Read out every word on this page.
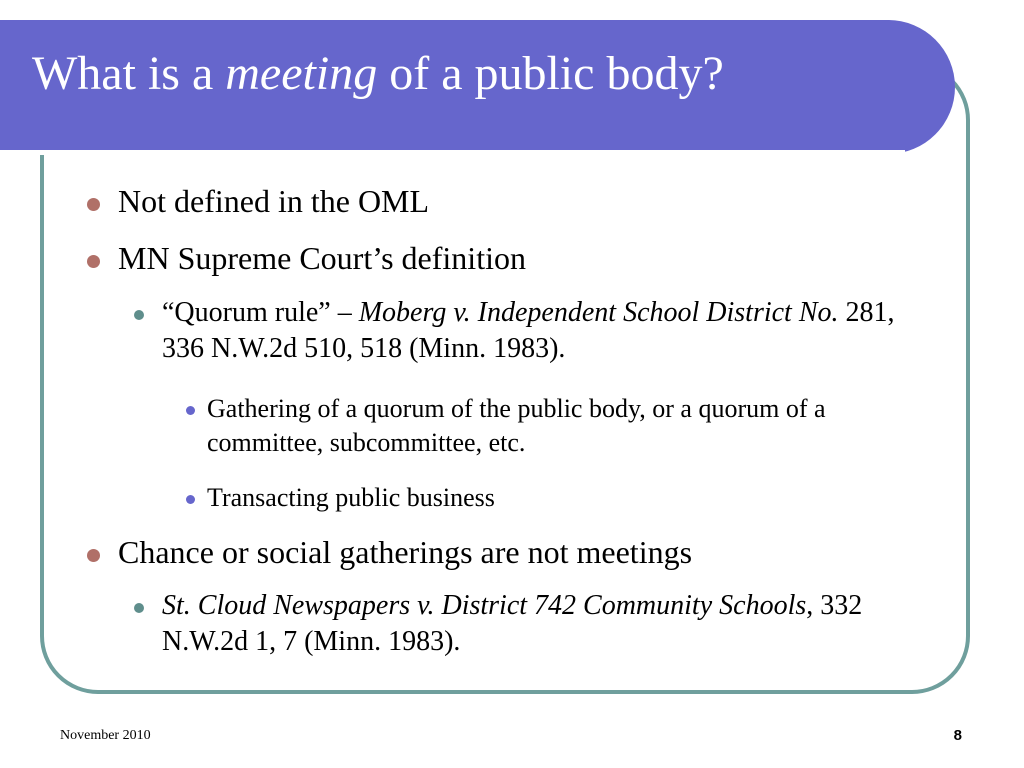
What is a meeting of a public body?
Not defined in the OML
MN Supreme Court’s definition
“Quorum rule” – Moberg v. Independent School District No. 281, 336 N.W.2d 510, 518 (Minn. 1983).
Gathering of a quorum of the public body, or a quorum of a committee, subcommittee, etc.
Transacting public business
Chance or social gatherings are not meetings
St. Cloud Newspapers v. District 742 Community Schools, 332 N.W.2d 1, 7 (Minn. 1983).
November 2010	8
